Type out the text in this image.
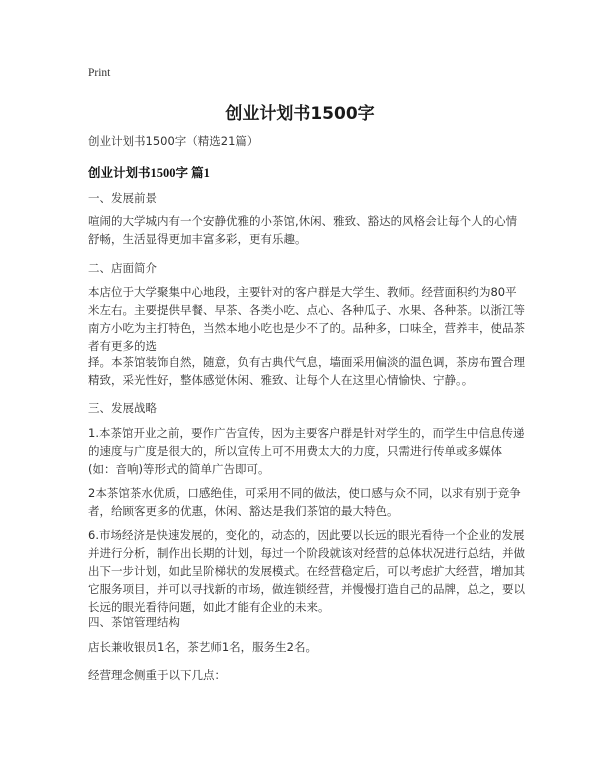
Print
创业计划书1500字
创业计划书1500字（精选21篇）
创业计划书1500字 篇1
一、发展前景

喧闹的大学城内有一个安静优雅的小茶馆,休闲、雅致、豁达的风格会让每个人的心情舒畅，生活显得更加丰富多彩，更有乐趣。

二、店面简介

本店位于大学聚集中心地段，主要针对的客户群是大学生、教师。经营面积约为80平米左右。主要提供早餐、早茶、各类小吃、点心、各种瓜子、水果、各种茶。以浙江等南方小吃为主打特色，当然本地小吃也是少不了的。品种多，口味全，营养丰，使品茶者有更多的选

择。本茶馆装饰自然，随意，负有古典代气息，墙面采用偏淡的温色调，茶房布置合理精致，采光性好，整体感觉休闲、雅致、让每个人在这里心情愉快、宁静。。

三、发展战略

1.本茶馆开业之前，要作广告宣传，因为主要客户群是针对学生的，而学生中信息传递的速度与广度是很大的，所以宣传上可不用费太大的力度，只需进行传单或多媒体(如：音响)等形式的简单广告即可。

2本茶馆茶水优质，口感绝佳，可采用不同的做法，使口感与众不同，以求有别于竞争者，给顾客更多的优惠，休闲、豁达是我们茶馆的最大特色。

6.市场经济是快速发展的，变化的，动态的，因此要以长远的眼光看待一个企业的发展并进行分析，制作出长期的计划，每过一个阶段就该对经营的总体状况进行总结，并做出下一步计划，如此呈阶梯状的发展模式。在经营稳定后，可以考虑扩大经营，增加其它服务项目，并可以寻找新的市场，做连锁经营，并慢慢打造自己的品牌，总之，要以长远的眼光看待问题，如此才能有企业的未来。

四、茶馆管理结构

店长兼收银员1名，茶艺师1名，服务生2名。

经营理念侧重于以下几点：
